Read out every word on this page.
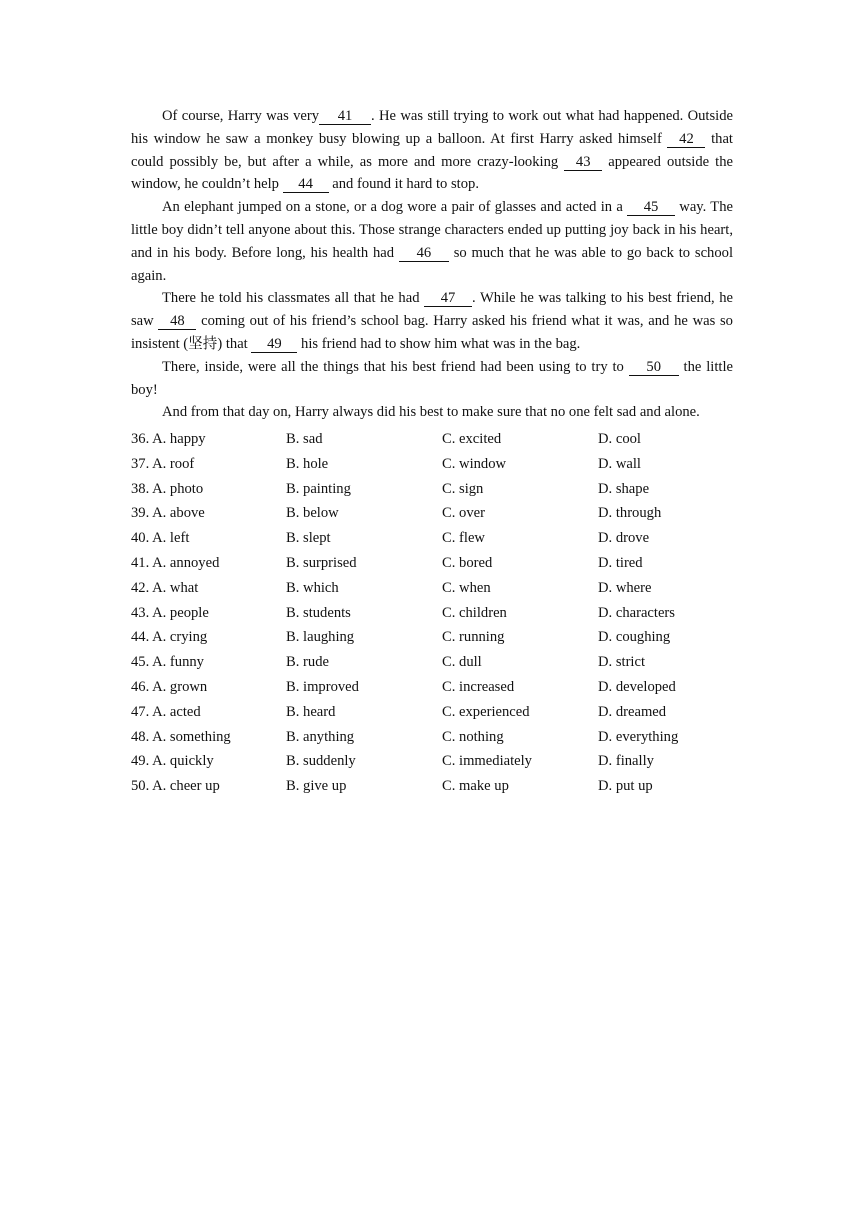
Of course, Harry was very 41 . He was still trying to work out what had happened. Outside his window he saw a monkey busy blowing up a balloon. At first Harry asked himself 42 that could possibly be, but after a while, as more and more crazy-looking 43 appeared outside the window, he couldn’t help 44 and found it hard to stop.

An elephant jumped on a stone, or a dog wore a pair of glasses and acted in a 45 way. The little boy didn’t tell anyone about this. Those strange characters ended up putting joy back in his heart, and in his body. Before long, his health had 46 so much that he was able to go back to school again.

There he told his classmates all that he had 47 . While he was talking to his best friend, he saw 48 coming out of his friend’s school bag. Harry asked his friend what it was, and he was so insistent (坚持) that 49 his friend had to show him what was in the bag.

There, inside, were all the things that his best friend had been using to try to 50 the little boy!

And from that day on, Harry always did his best to make sure that no one felt sad and alone.

36. A. happy	B. sad	C. excited	D. cool
37. A. roof	B. hole	C. window	D. wall
38. A. photo	B. painting	C. sign	D. shape
39. A. above	B. below	C. over	D. through
40. A. left	B. slept	C. flew	D. drove
41. A. annoyed	B. surprised	C. bored	D. tired
42. A. what	B. which	C. when	D. where
43. A. people	B. students	C. children	D. characters
44. A. crying	B. laughing	C. running	D. coughing
45. A. funny	B. rude	C. dull	D. strict
46. A. grown	B. improved	C. increased	D. developed
47. A. acted	B. heard	C. experienced	D. dreamed
48. A. something	B. anything	C. nothing	D. everything
49. A. quickly	B. suddenly	C. immediately	D. finally
50. A. cheer up	B. give up	C. make up	D. put up
